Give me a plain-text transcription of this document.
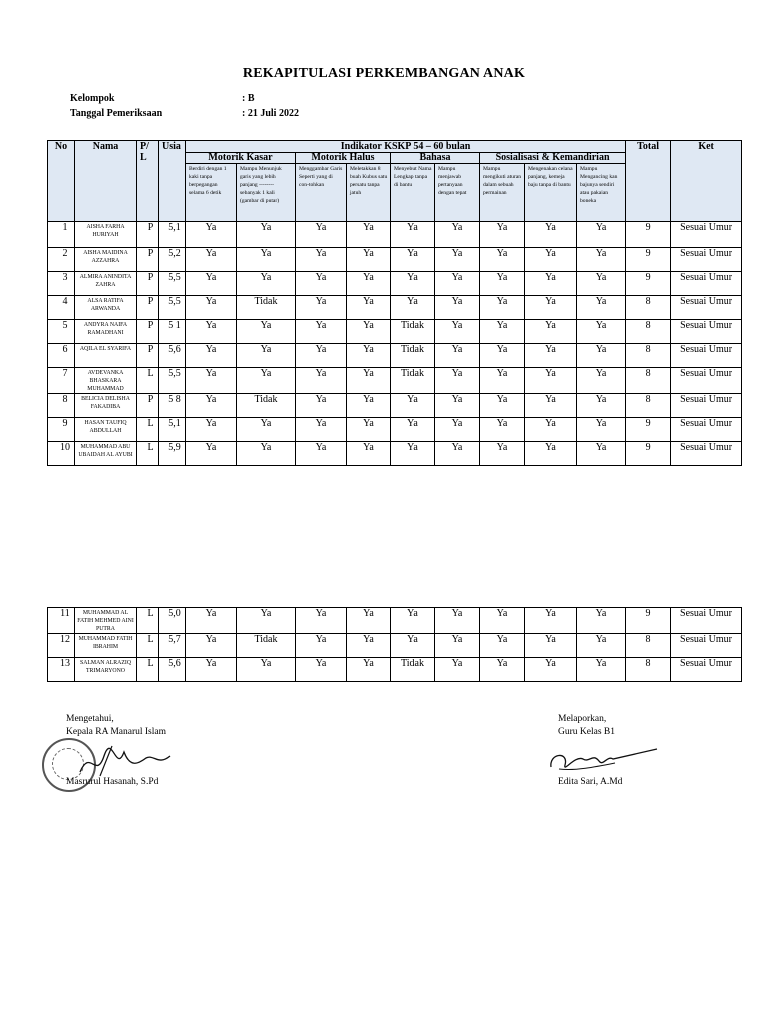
REKAPITULASI PERKEMBANGAN ANAK
Kelompok	: B
Tanggal Pemeriksaan	: 21 Juli 2022
No	Nama	P/ L	Usia	Indikator KSKP 54 – 60 bulan									Total	Ket
				Motorik Kasar		Motorik Halus		Bahasa		Sosialisasi & Kemandirian				
				Berdiri dengan 1 kaki tanpa berpegangan selama 6 detik	Mampu Menunjuk garis yang lebih panjang -------- sebanyak 1 kali (gambar di putar)	Menggambar Garis Seperti yang di con-tohkan	Meletakkan 8 buah Kubus satu persatu tanpa jatuh	Menyebut Nama Lengkap tanpa di bantu	Mampu menjawab pertanyaan dengan tepat	Mampu mengikuti aturan dalam sebuah permainan	Mengenakan celana panjang, kemeja baju tanpa di bantu	Mampu Mengancing kan bajunya sendiri atau pakaian boneka		
1	AISHA FARHA HURIYAH	P	5,1	Ya	Ya	Ya	Ya	Ya	Ya	Ya	Ya	Ya	9	Sesuai Umur
2	AISHA MAIDINA AZZAHRA	P	5,2	Ya	Ya	Ya	Ya	Ya	Ya	Ya	Ya	Ya	9	Sesuai Umur
3	ALMIRA ANINDITA ZAHRA	P	5,5	Ya	Ya	Ya	Ya	Ya	Ya	Ya	Ya	Ya	9	Sesuai Umur
4	ALSA RATIFA ARWANDA	P	5,5	Ya	Tidak	Ya	Ya	Ya	Ya	Ya	Ya	Ya	8	Sesuai Umur
5	ANDYRA NAIFA RAMADHANI	P	5 1	Ya	Ya	Ya	Ya	Tidak	Ya	Ya	Ya	Ya	8	Sesuai Umur
6	AQILA EL SYARIFA	P	5,6	Ya	Ya	Ya	Ya	Tidak	Ya	Ya	Ya	Ya	8	Sesuai Umur
7	AVDEVANKA BHASKARA MUHAMMAD	L	5,5	Ya	Ya	Ya	Ya	Tidak	Ya	Ya	Ya	Ya	8	Sesuai Umur
8	BELICIA DELISHA FAKADIBA	P	5 8	Ya	Tidak	Ya	Ya	Ya	Ya	Ya	Ya	Ya	8	Sesuai Umur
9	HASAN TAUFIQ ABDULLAH	L	5,1	Ya	Ya	Ya	Ya	Ya	Ya	Ya	Ya	Ya	9	Sesuai Umur
10	MUHAMMAD ABU UBAIDAH AL AYUBI	L	5,9	Ya	Ya	Ya	Ya	Ya	Ya	Ya	Ya	Ya	9	Sesuai Umur
11	MUHAMMAD AL FATIH MEHMED AINI PUTRA	L	5,0	Ya	Ya	Ya	Ya	Ya	Ya	Ya	Ya	Ya	9	Sesuai Umur
12	MUHAMMAD FATIH IBRAHIM	L	5,7	Ya	Tidak	Ya	Ya	Ya	Ya	Ya	Ya	Ya	8	Sesuai Umur
13	SALMAN ALRAZIQ TRIMARYONO	L	5,6	Ya	Ya	Ya	Ya	Tidak	Ya	Ya	Ya	Ya	8	Sesuai Umur
Mengetahui,
Kepala RA Manarul Islam
Masrurul Hasanah, S.Pd
Melaporkan,
Guru Kelas B1
Edita Sari, A.Md
